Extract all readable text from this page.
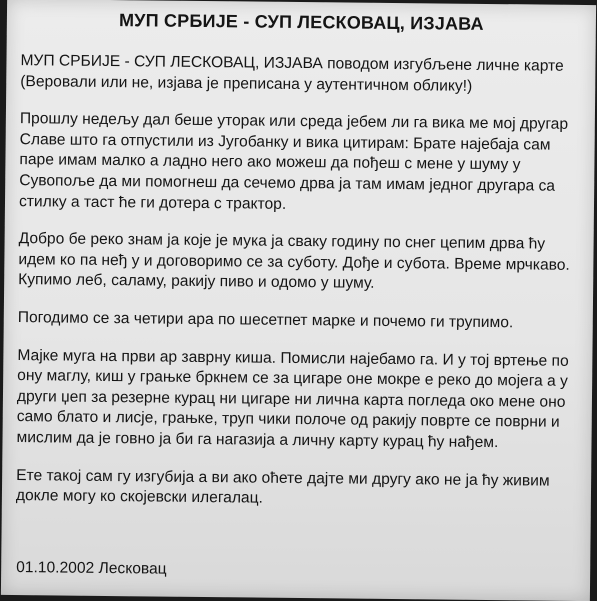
МУП СРБИЈЕ - СУП ЛЕСКОВАЦ, ИЗЈАВА

МУП СРБИЈЕ - СУП ЛЕСКОВАЦ, ИЗЈАВА поводом изгубљене личне карте (Веровали или не, изјава је преписана у аутентичном облику!)

Прошлу недељу дал беше уторак или среда јебем ли га вика ме мој другар Славе што га отпустили из Југобанку и вика цитирам: Брате најебаја сам паре имам малко а ладно него ако можеш да пођеш с мене у шуму у Сувопоље да ми помогнеш да сечемо дрва ја там имам једног другара са стилку а таст ће ги дотера с трактор.

Добро бе реко знам ја које је мука ја сваку годину по снег цепим дрва ћу идем ко па неђ у и договоримо се за суботу. Дође и субота. Време мрчкаво. Купимо леб, саламу, ракију пиво и одомо у шуму.

Погодимо се за четири ара по шесетпет марке и почемо ги трупимо.

Мајке муга на први ар заврну киша. Помисли најебамо га. И у тој вртење по ону маглу, киш у грањке бркнем се за цигаре оне мокре е реко до мојега а у други џеп за резерне курац ни цигаре ни лична карта погледа око мене оно само блато и лисје, грањке, труп чики полоче од ракију поврте се поврни и мислим да је говно ја би га нагазија а личну карту курац ћу нађем.

Ете такој сам гу изгубија а ви ако оћете дајте ми другу ако не ја ћу живим докле могу ко скојевски илегалац.

01.10.2002 Лесковац
